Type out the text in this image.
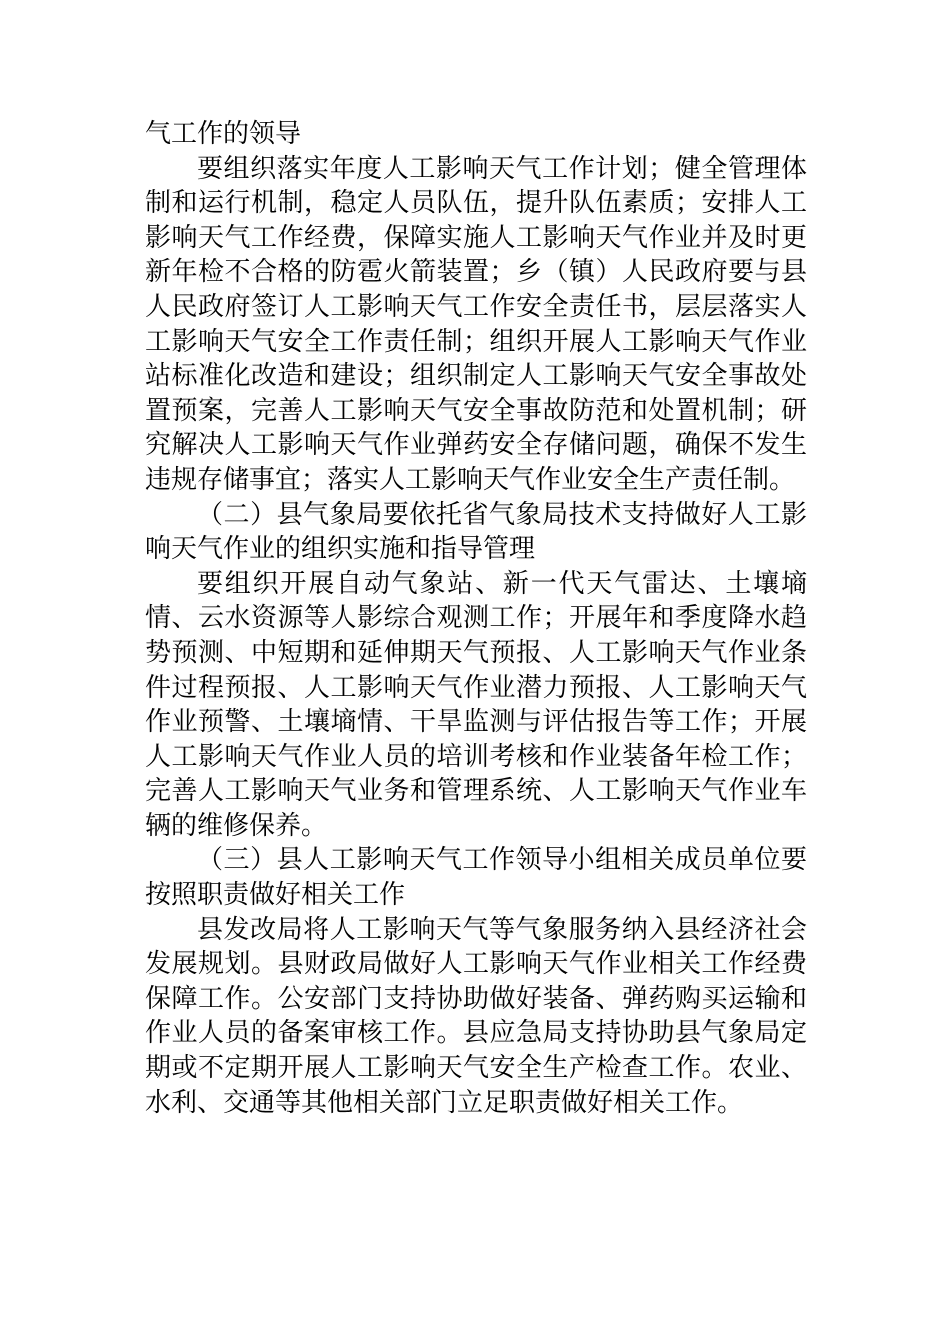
气工作的领导

要组织落实年度人工影响天气工作计划；健全管理体制和运行机制，稳定人员队伍，提升队伍素质；安排人工影响天气工作经费，保障实施人工影响天气作业并及时更新年检不合格的防雹火箭装置；乡（镇）人民政府要与县人民政府签订人工影响天气工作安全责任书，层层落实人工影响天气安全工作责任制；组织开展人工影响天气作业站标准化改造和建设；组织制定人工影响天气安全事故处置预案，完善人工影响天气安全事故防范和处置机制；研究解决人工影响天气作业弹药安全存储问题，确保不发生违规存储事宜；落实人工影响天气作业安全生产责任制。

（二）县气象局要依托省气象局技术支持做好人工影响天气作业的组织实施和指导管理

要组织开展自动气象站、新一代天气雷达、土壤墒情、云水资源等人影综合观测工作；开展年和季度降水趋势预测、中短期和延伸期天气预报、人工影响天气作业条件过程预报、人工影响天气作业潜力预报、人工影响天气作业预警、土壤墒情、干旱监测与评估报告等工作；开展人工影响天气作业人员的培训考核和作业装备年检工作；完善人工影响天气业务和管理系统、人工影响天气作业车辆的维修保养。

（三）县人工影响天气工作领导小组相关成员单位要按照职责做好相关工作

县发改局将人工影响天气等气象服务纳入县经济社会发展规划。县财政局做好人工影响天气作业相关工作经费保障工作。公安部门支持协助做好装备、弹药购买运输和作业人员的备案审核工作。县应急局支持协助县气象局定期或不定期开展人工影响天气安全生产检查工作。农业、水利、交通等其他相关部门立足职责做好相关工作。
